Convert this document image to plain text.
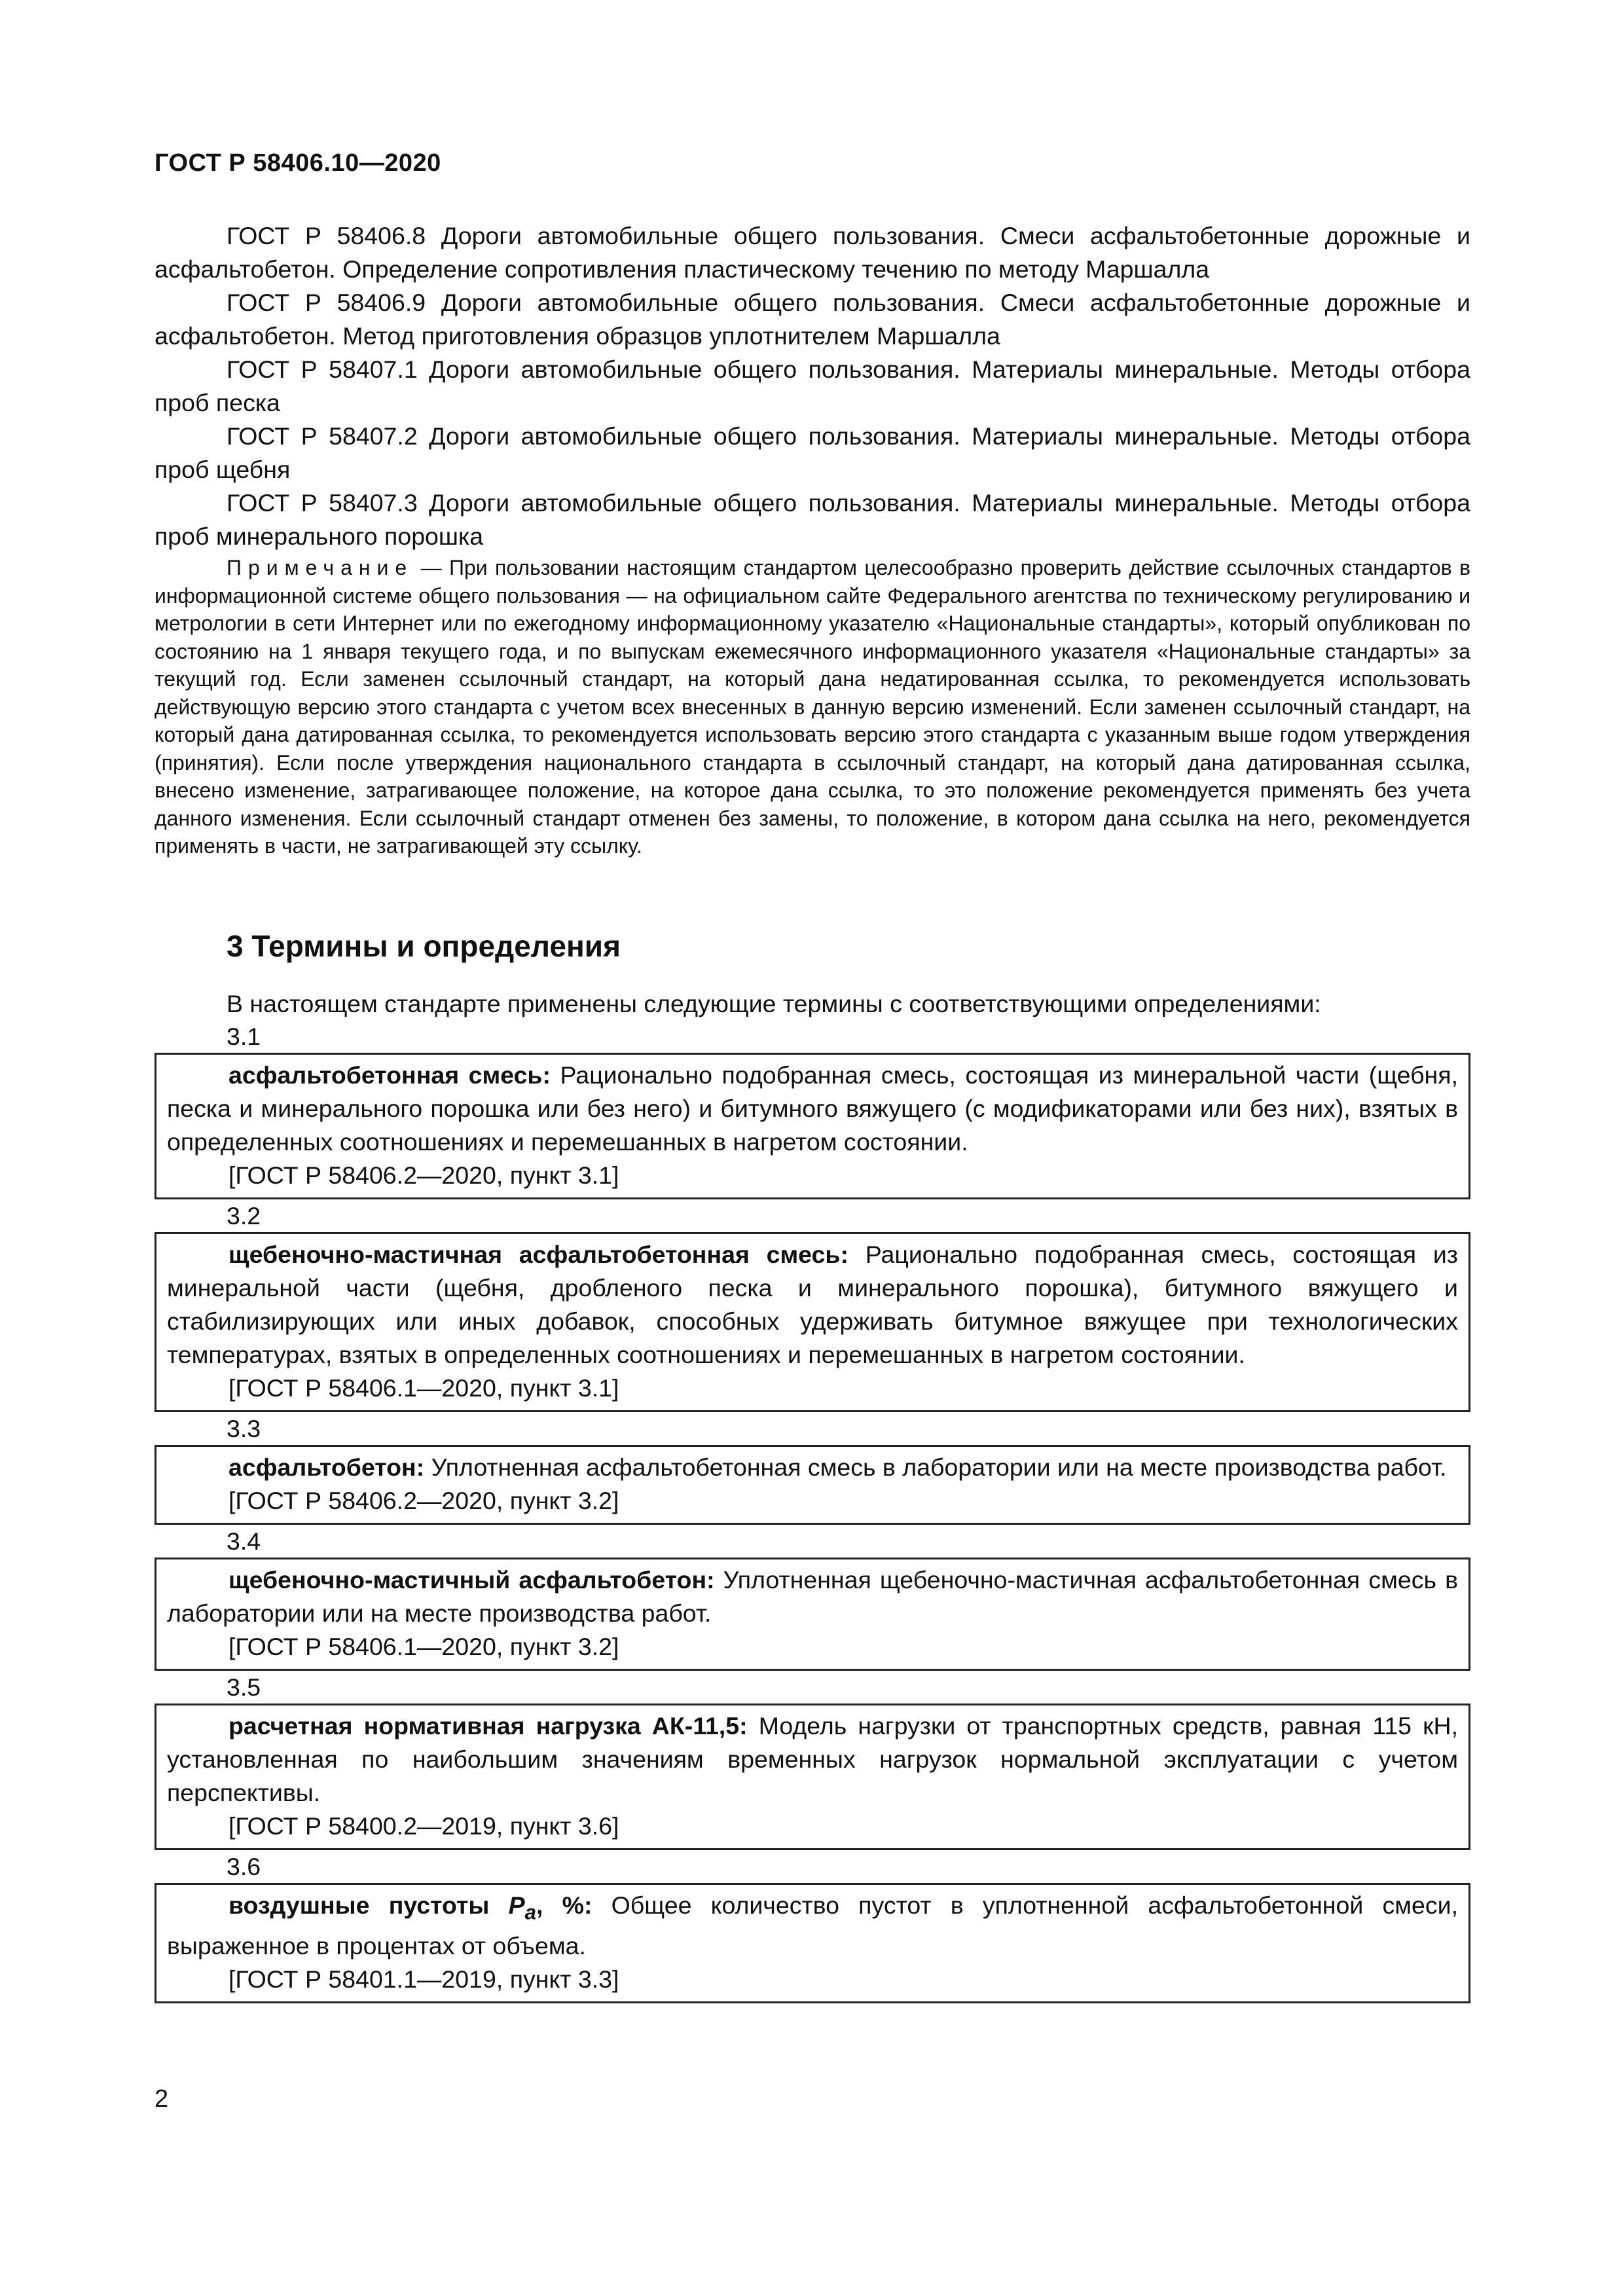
ГОСТ Р 58406.10—2020

ГОСТ Р 58406.8 Дороги автомобильные общего пользования. Смеси асфальтобетонные дорожные и асфальтобетон. Определение сопротивления пластическому течению по методу Маршалла

ГОСТ Р 58406.9 Дороги автомобильные общего пользования. Смеси асфальтобетонные дорожные и асфальтобетон. Метод приготовления образцов уплотнителем Маршалла

ГОСТ Р 58407.1 Дороги автомобильные общего пользования. Материалы минеральные. Методы отбора проб песка

ГОСТ Р 58407.2 Дороги автомобильные общего пользования. Материалы минеральные. Методы отбора проб щебня

ГОСТ Р 58407.3 Дороги автомобильные общего пользования. Материалы минеральные. Методы отбора проб минерального порошка

Примечание — При пользовании настоящим стандартом целесообразно проверить действие ссылочных стандартов в информационной системе общего пользования — на официальном сайте Федерального агентства по техническому регулированию и метрологии в сети Интернет или по ежегодному информационному указателю «Национальные стандарты», который опубликован по состоянию на 1 января текущего года, и по выпускам ежемесячного информационного указателя «Национальные стандарты» за текущий год. Если заменен ссылочный стандарт, на который дана недатированная ссылка, то рекомендуется использовать действующую версию этого стандарта с учетом всех внесенных в данную версию изменений. Если заменен ссылочный стандарт, на который дана датированная ссылка, то рекомендуется использовать версию этого стандарта с указанным выше годом утверждения (принятия). Если после утверждения национального стандарта в ссылочный стандарт, на который дана датированная ссылка, внесено изменение, затрагивающее положение, на которое дана ссылка, то это положение рекомендуется применять без учета данного изменения. Если ссылочный стандарт отменен без замены, то положение, в котором дана ссылка на него, рекомендуется применять в части, не затрагивающей эту ссылку.

3 Термины и определения

В настоящем стандарте применены следующие термины с соответствующими определениями:

3.1

асфальтобетонная смесь: Рационально подобранная смесь, состоящая из минеральной части (щебня, песка и минерального порошка или без него) и битумного вяжущего (с модификаторами или без них), взятых в определенных соотношениях и перемешанных в нагретом состоянии.

[ГОСТ Р 58406.2—2020, пункт 3.1]
3.2

щебеночно-мастичная асфальтобетонная смесь: Рационально подобранная смесь, состоящая из минеральной части (щебня, дробленого песка и минерального порошка), битумного вяжущего и стабилизирующих или иных добавок, способных удерживать битумное вяжущее при технологических температурах, взятых в определенных соотношениях и перемешанных в нагретом состоянии.

[ГОСТ Р 58406.1—2020, пункт 3.1]
3.3

асфальтобетон: Уплотненная асфальтобетонная смесь в лаборатории или на месте производства работ.

[ГОСТ Р 58406.2—2020, пункт 3.2]
3.4

щебеночно-мастичный асфальтобетон: Уплотненная щебеночно-мастичная асфальтобетонная смесь в лаборатории или на месте производства работ.

[ГОСТ Р 58406.1—2020, пункт 3.2]
3.5

расчетная нормативная нагрузка АК-11,5: Модель нагрузки от транспортных средств, равная 115 кН, установленная по наибольшим значениям временных нагрузок нормальной эксплуатации с учетом перспективы.

[ГОСТ Р 58400.2—2019, пункт 3.6]
3.6

воздушные пустоты $P_a$, %: Общее количество пустот в уплотненной асфальтобетонной смеси, выраженное в процентах от объема.

[ГОСТ Р 58401.1—2019, пункт 3.3]
2
